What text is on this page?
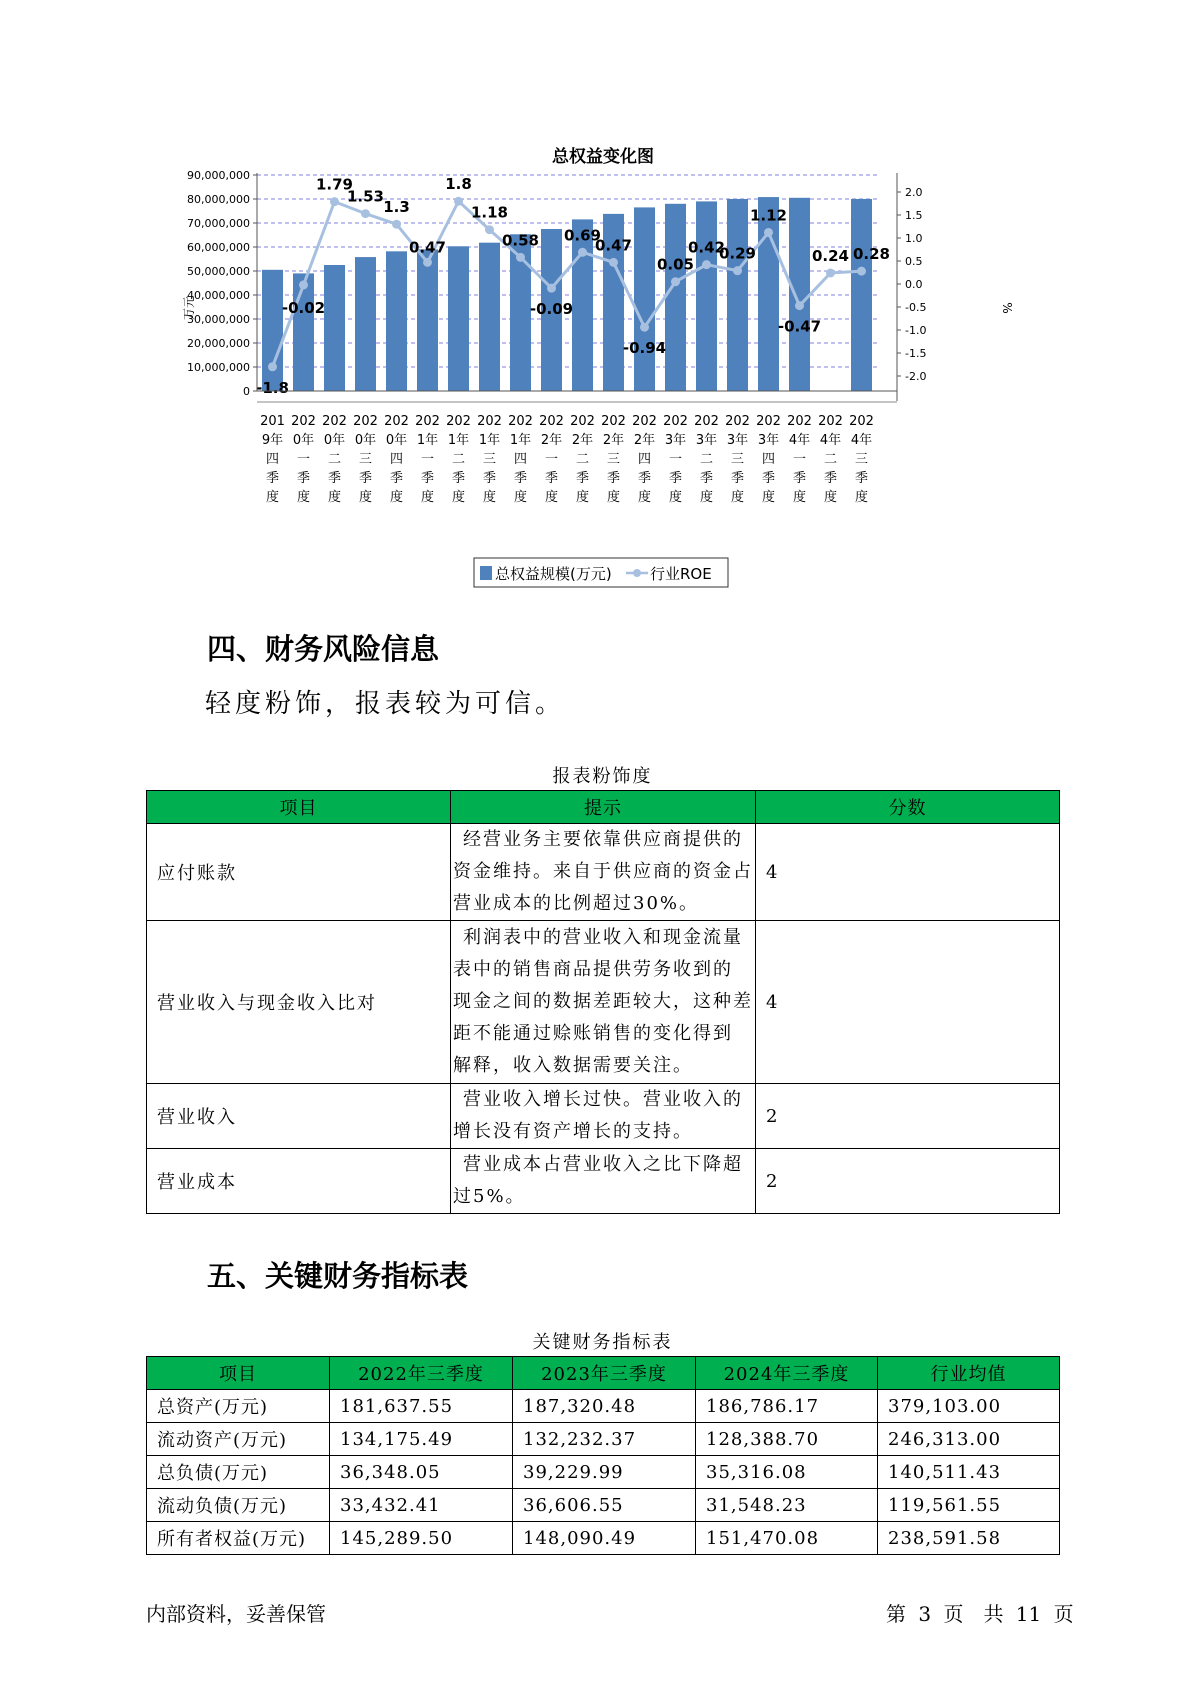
总权益变化图
-1.8
-0.02
1.79
1.53
1.3
0.47
1.8
1.18
0.58
-0.09
0.69
0.47
-0.94
0.05
0.42
0.29
1.12
-0.47
0.24 0.28
0
10,000,000
20,000,000
30,000,000
40,000,000
50,000,000
60,000,000
70,000,000
80,000,000
90,000,000
-2.0
-1.5
-1.0
-0.5
0.0
0.5
1.0
1.5
2.0
201
9年
四
季
度
202
0年
一
季
度
202
0年
二
季
度
202
0年
三
季
度
202
0年
四
季
度
202
1年
一
季
度
202
1年
二
季
度
202
1年
三
季
度
202
1年
四
季
度
202
2年
一
季
度
202
2年
二
季
度
202
2年
三
季
度
202
2年
四
季
度
202
3年
一
季
度
202
3年
二
季
度
202
3年
三
季
度
202
3年
四
季
度
202
4年
一
季
度
202
4年
二
季
度
202
4年
三
季
度
万元	%
总权益规模(万元)	行业ROE
四、财务风险信息

轻度粉饰，报表较为可信。

报表粉饰度
项目	提示	分数
应付账款	经营业务主要依靠供应商提供的
资金维持。来自于供应商的资金占
营业成本的比例超过30%。	4
营业收入与现金收入比对	利润表中的营业收入和现金流量
表中的销售商品提供劳务收到的
现金之间的数据差距较大，这种差
距不能通过赊账销售的变化得到
解释，收入数据需要关注。	4
营业收入	营业收入增长过快。营业收入的
增长没有资产增长的支持。	2
营业成本	营业成本占营业收入之比下降超
过5%。	2
五、关键财务指标表
关键财务指标表
项目	2022年三季度	2023年三季度	2024年三季度	行业均值
总资产(万元)	181,637.55	187,320.48	186,786.17	379,103.00
流动资产(万元)	134,175.49	132,232.37	128,388.70	246,313.00
总负债(万元)	36,348.05	39,229.99	35,316.08	140,511.43
流动负债(万元)	33,432.41	36,606.55	31,548.23	119,561.55
所有者权益(万元)	145,289.50	148,090.49	151,470.08	238,591.58
内部资料，妥善保管	第 3 页　共 11 页
